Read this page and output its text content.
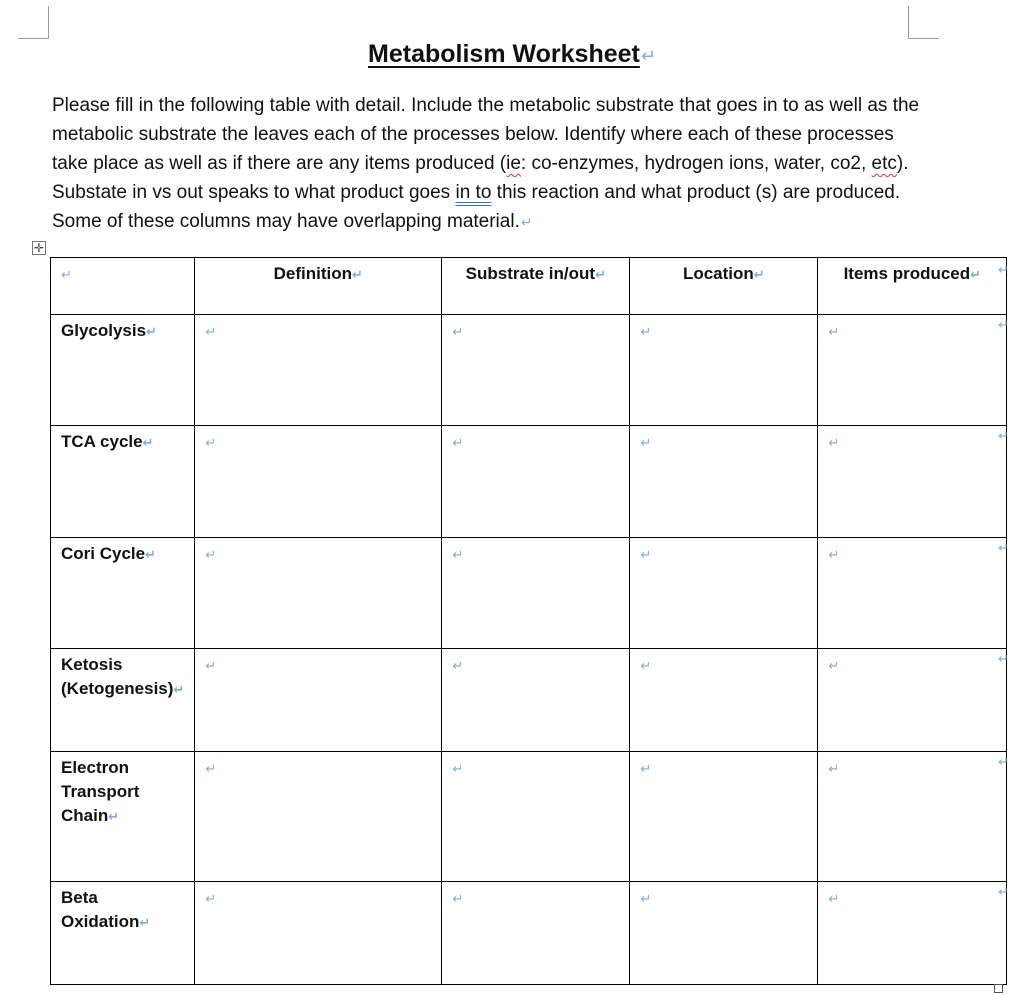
Metabolism Worksheet↵

Please fill in the following table with detail. Include the metabolic substrate that goes in to as well as the metabolic substrate the leaves each of the processes below. Identify where each of these processes take place as well as if there are any items produced (ie: co-enzymes, hydrogen ions, water, co2, etc). Substate in vs out speaks to what product goes in to this reaction and what product (s) are produced. Some of these columns may have overlapping material.↵

✛
↵	Definition↵	Substrate in/out↵	Location↵	Items produced↵

Glycolysis↵	↵	↵	↵	↵

TCA cycle↵	↵	↵	↵	↵

Cori Cycle↵	↵	↵	↵	↵

Ketosis (Ketogenesis)↵	↵	↵	↵	↵

Electron Transport Chain↵	↵	↵	↵	↵

Beta Oxidation↵	↵	↵	↵	↵
↵
↵
↵
↵
↵
↵
↵
